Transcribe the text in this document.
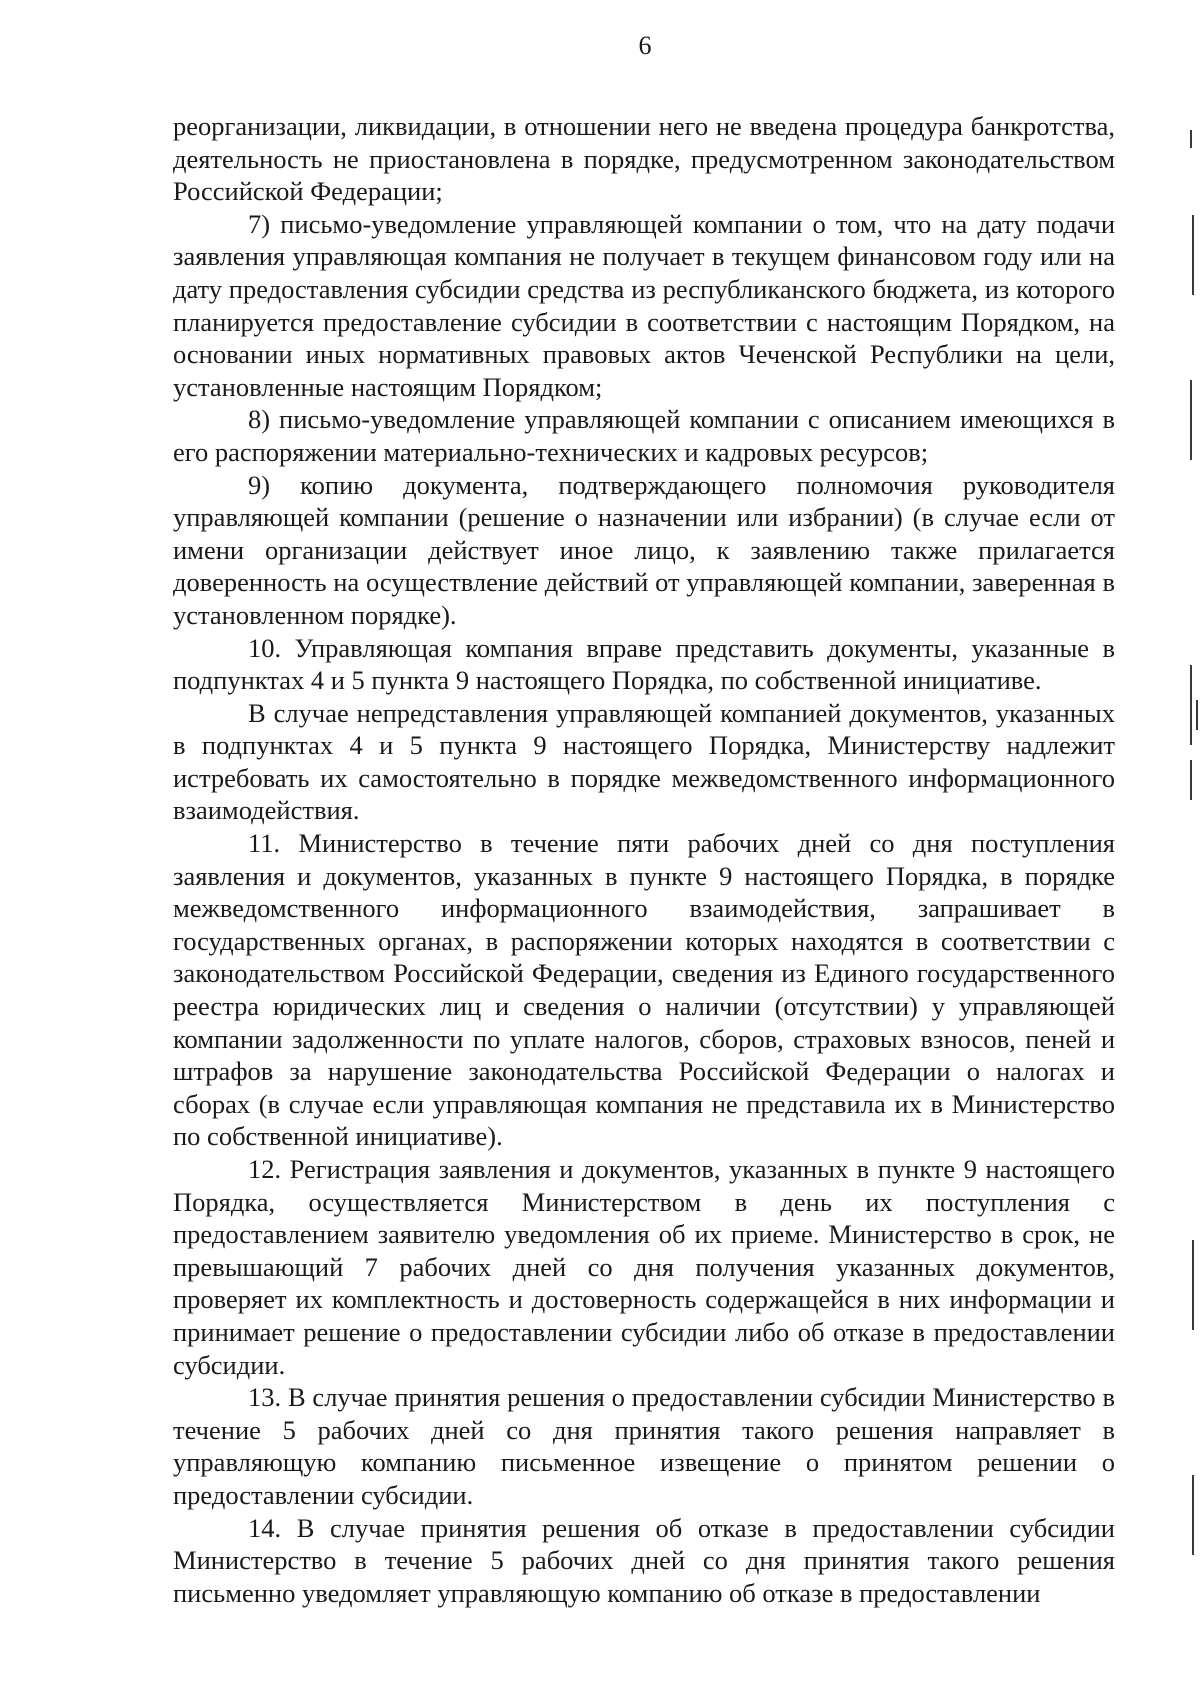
6

реорганизации, ликвидации, в отношении него не введена процедура банкротства, деятельность не приостановлена в порядке, предусмотренном законодательством Российской Федерации;

7) письмо-уведомление управляющей компании о том, что на дату подачи заявления управляющая компания не получает в текущем финансовом году или на дату предоставления субсидии средства из республиканского бюджета, из которого планируется предоставление субсидии в соответствии с настоящим Порядком, на основании иных нормативных правовых актов Чеченской Республики на цели, установленные настоящим Порядком;

8) письмо-уведомление управляющей компании с описанием имеющихся в его распоряжении материально-технических и кадровых ресурсов;

9) копию документа, подтверждающего полномочия руководителя управляющей компании (решение о назначении или избрании) (в случае если от имени организации действует иное лицо, к заявлению также прилагается доверенность на осуществление действий от управляющей компании, заверенная в установленном порядке).

10. Управляющая компания вправе представить документы, указанные в подпунктах 4 и 5 пункта 9 настоящего Порядка, по собственной инициативе.

В случае непредставления управляющей компанией документов, указанных в подпунктах 4 и 5 пункта 9 настоящего Порядка, Министерству надлежит истребовать их самостоятельно в порядке межведомственного информационного взаимодействия.

11. Министерство в течение пяти рабочих дней со дня поступления заявления и документов, указанных в пункте 9 настоящего Порядка, в порядке межведомственного информационного взаимодействия, запрашивает в государственных органах, в распоряжении которых находятся в соответствии с законодательством Российской Федерации, сведения из Единого государственного реестра юридических лиц и сведения о наличии (отсутствии) у управляющей компании задолженности по уплате налогов, сборов, страховых взносов, пеней и штрафов за нарушение законодательства Российской Федерации о налогах и сборах (в случае если управляющая компания не представила их в Министерство по собственной инициативе).

12. Регистрация заявления и документов, указанных в пункте 9 настоящего Порядка, осуществляется Министерством в день их поступления с предоставлением заявителю уведомления об их приеме. Министерство в срок, не превышающий 7 рабочих дней со дня получения указанных документов, проверяет их комплектность и достоверность содержащейся в них информации и принимает решение о предоставлении субсидии либо об отказе в предоставлении субсидии.

13. В случае принятия решения о предоставлении субсидии Министерство в течение 5 рабочих дней со дня принятия такого решения направляет в управляющую компанию письменное извещение о принятом решении о предоставлении субсидии.

14. В случае принятия решения об отказе в предоставлении субсидии Министерство в течение 5 рабочих дней со дня принятия такого решения письменно уведомляет управляющую компанию об отказе в предоставлении
